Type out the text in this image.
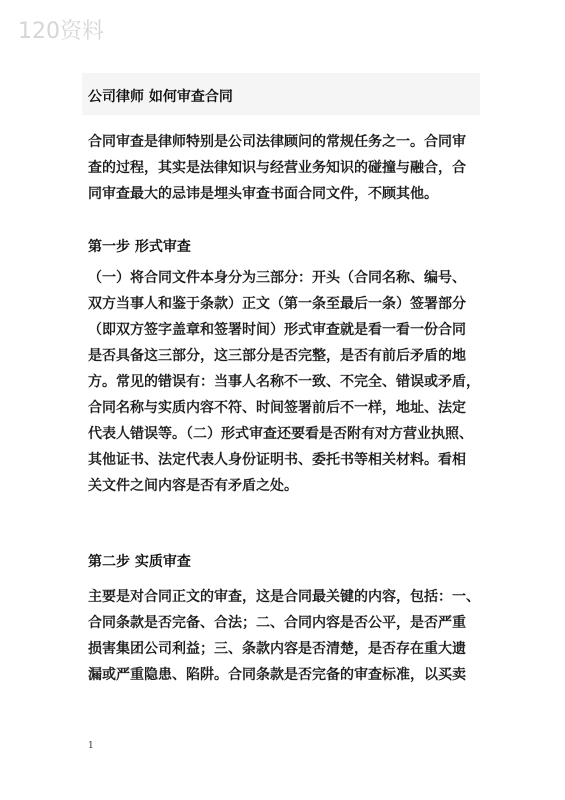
120资料
公司律师 如何审查合同
合同审查是律师特别是公司法律顾问的常规任务之一。合同审
查的过程，其实是法律知识与经营业务知识的碰撞与融合，合
同审查最大的忌讳是埋头审查书面合同文件，不顾其他。
第一步 形式审查
（一）将合同文件本身分为三部分：开头（合同名称、编号、
双方当事人和鉴于条款）正文（第一条至最后一条）签署部分
（即双方签字盖章和签署时间）形式审查就是看一看一份合同
是否具备这三部分，这三部分是否完整，是否有前后矛盾的地
方。常见的错误有：当事人名称不一致、不完全、错误或矛盾，
合同名称与实质内容不符、时间签署前后不一样，地址、法定
代表人错误等。（二）形式审查还要看是否附有对方营业执照、
其他证书、法定代表人身份证明书、委托书等相关材料。看相
关文件之间内容是否有矛盾之处。
第二步 实质审查
主要是对合同正文的审查，这是合同最关键的内容，包括：一、
合同条款是否完备、合法；二、合同内容是否公平，是否严重
损害集团公司利益；三、条款内容是否清楚，是否存在重大遗
漏或严重隐患、陷阱。合同条款是否完备的审查标准，以买卖
1
